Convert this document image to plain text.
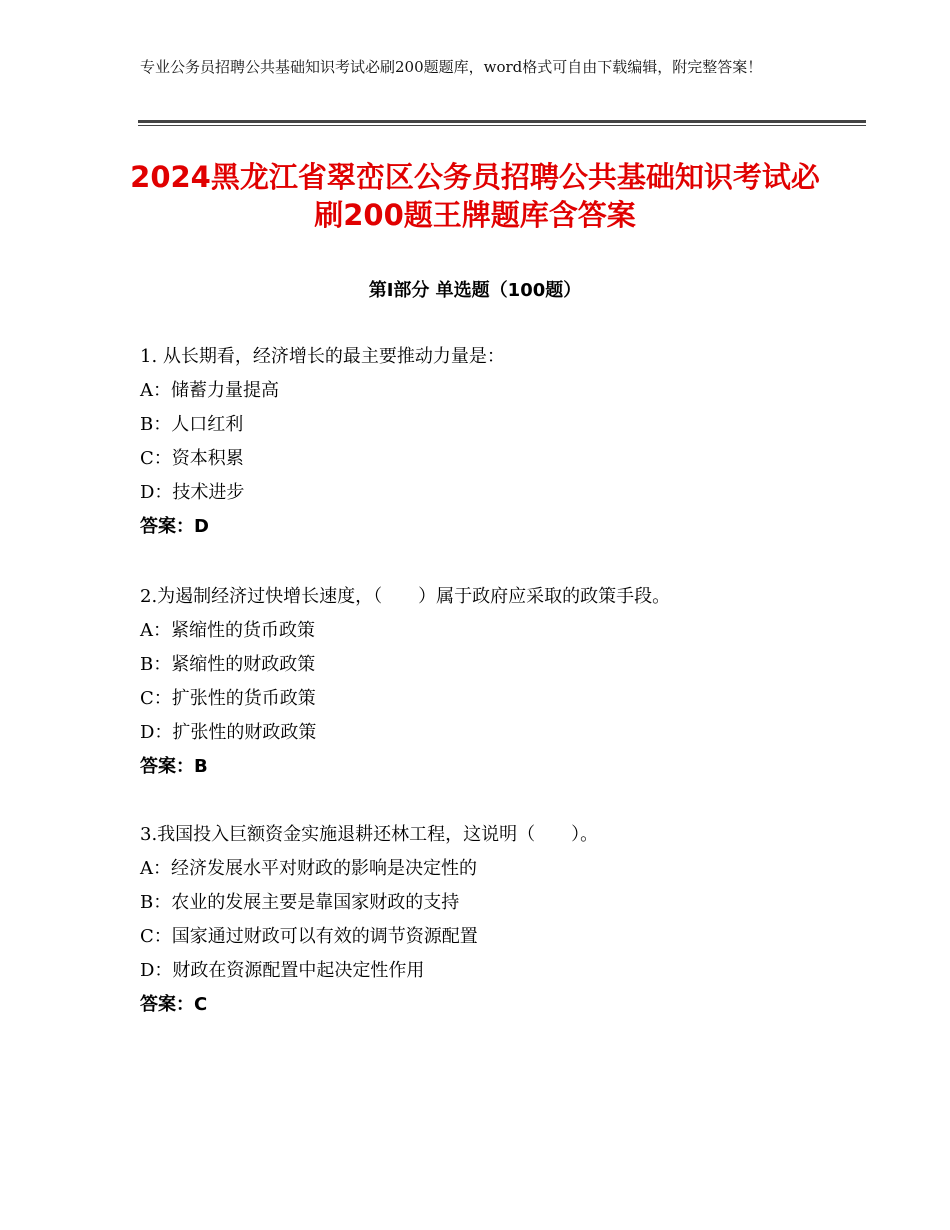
专业公务员招聘公共基础知识考试必刷200题题库，word格式可自由下载编辑，附完整答案！
2024黑龙江省翠峦区公务员招聘公共基础知识考试必刷200题王牌题库含答案
第Ⅰ部分 单选题（100题）
1. 从长期看，经济增长的最主要推动力量是：
A：储蓄力量提高
B：人口红利
C：资本积累
D：技术进步
答案：D
2.为遏制经济过快增长速度，（　　）属于政府应采取的政策手段。
A：紧缩性的货币政策
B：紧缩性的财政政策
C：扩张性的货币政策
D：扩张性的财政政策
答案：B
3.我国投入巨额资金实施退耕还林工程，这说明（　　）。
A：经济发展水平对财政的影响是决定性的
B：农业的发展主要是靠国家财政的支持
C：国家通过财政可以有效的调节资源配置
D：财政在资源配置中起决定性作用
答案：C
